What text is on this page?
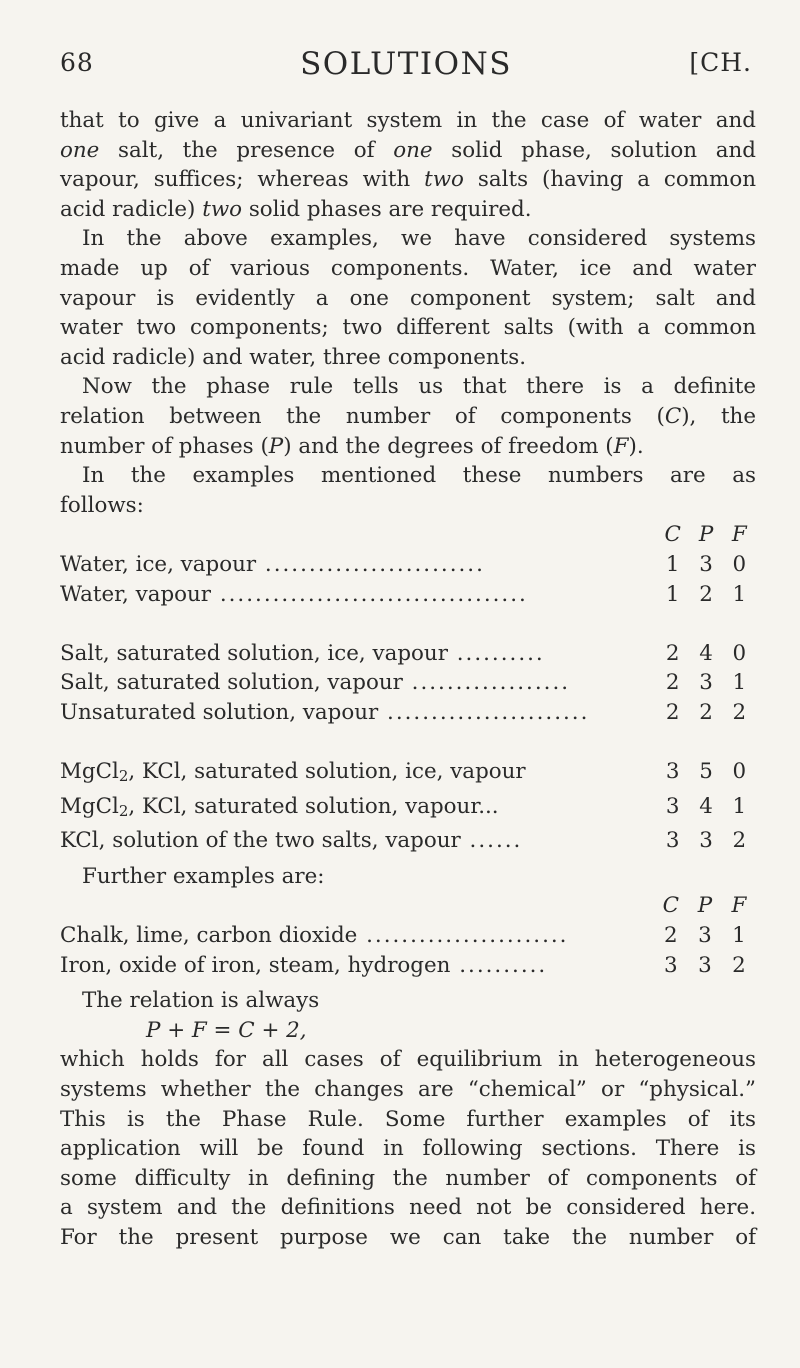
68	SOLUTIONS	[CH.
that to give a univariant system in the case of water and
one salt, the presence of one solid phase, solution and
vapour, suffices; whereas with two salts (having a common
acid radicle) two solid phases are required.
In the above examples, we have considered systems
made up of various components. Water, ice and water
vapour is evidently a one component system; salt and
water two components; two different salts (with a common
acid radicle) and water, three components.
Now the phase rule tells us that there is a definite
relation between the number of components (C), the
number of phases (P) and the degrees of freedom (F).
In the examples mentioned these numbers are as
follows:
	C	P	F
Water, ice, vapour .........................	1	3	0
Water, vapour ...................................	1	2	1

Salt, saturated solution, ice, vapour ..........	2	4	0
Salt, saturated solution, vapour ..................	2	3	1
Unsaturated solution, vapour .......................	2	2	2

MgCl$_2$, KCl, saturated solution, ice, vapour	3	5	0
MgCl$_2$, KCl, saturated solution, vapour...	3	4	1
KCl, solution of the two salts, vapour ......	3	3	2
Further examples are:
	C	P	F
Chalk, lime, carbon dioxide .......................	2	3	1
Iron, oxide of iron, steam, hydrogen ..........	3	3	2
The relation is always
P + F = C + 2,
which holds for all cases of equilibrium in heterogeneous
systems whether the changes are “chemical” or “physical.”
This is the Phase Rule. Some further examples of its
application will be found in following sections. There is
some difficulty in defining the number of components of
a system and the definitions need not be considered here.
For the present purpose we can take the number of
